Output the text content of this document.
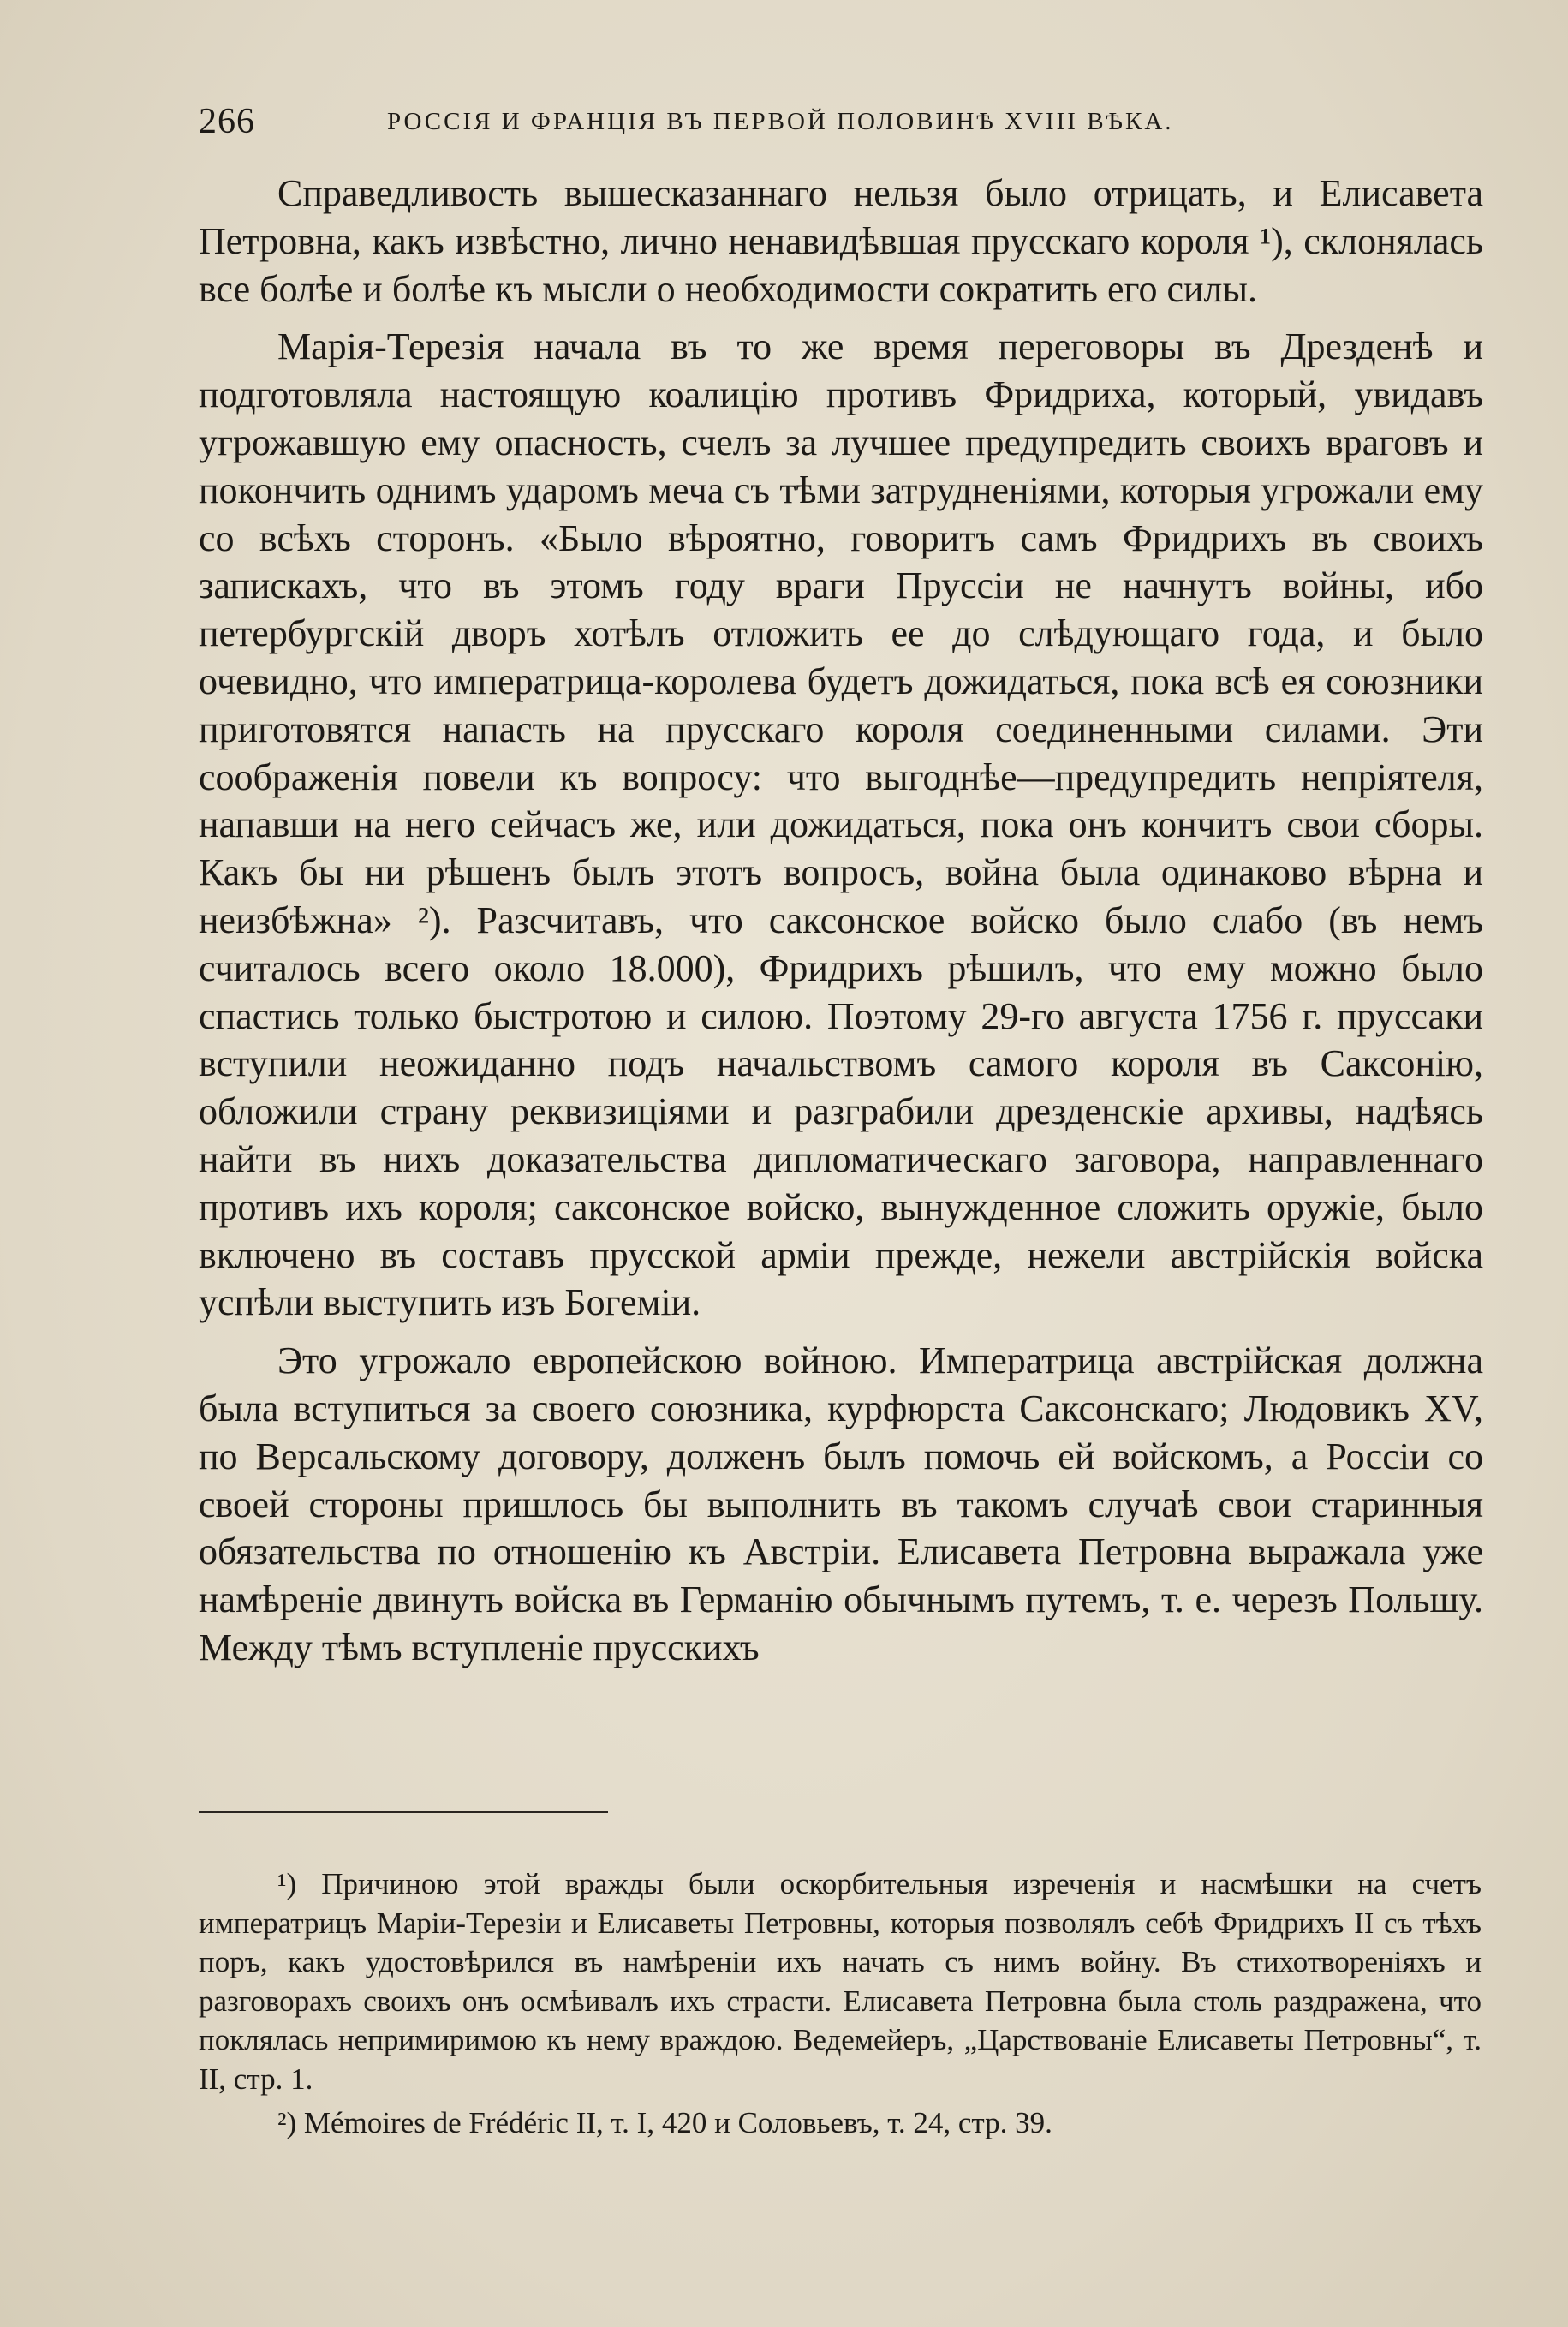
266	РОССІЯ И ФРАНЦІЯ ВЪ ПЕРВОЙ ПОЛОВИНѢ XVIII ВѢКА.

Справедливость вышесказаннаго нельзя было отрицать, и Елисавета Петровна, какъ извѣстно, лично ненавидѣвшая прусскаго короля ¹), склонялась все болѣе и болѣе къ мысли о необходимости сократить его силы.

Марія-Терезія начала въ то же время переговоры въ Дрезденѣ и подготовляла настоящую коалицію противъ Фридриха, который, увидавъ угрожавшую ему опасность, счелъ за лучшее предупредить своихъ враговъ и покончить однимъ ударомъ меча съ тѣми затрудненіями, которыя угрожали ему со всѣхъ сторонъ. «Было вѣроятно, говоритъ самъ Фридрихъ въ своихъ запискахъ, что въ этомъ году враги Пруссіи не начнутъ войны, ибо петербургскій дворъ хотѣлъ отложить ее до слѣдующаго года, и было очевидно, что императрица-королева будетъ дожидаться, пока всѣ ея союзники приготовятся напасть на прусскаго короля соединенными силами. Эти соображенія повели къ вопросу: что выгоднѣе—предупредить непріятеля, напавши на него сейчасъ же, или дожидаться, пока онъ кончитъ свои сборы. Какъ бы ни рѣшенъ былъ этотъ вопросъ, война была одинаково вѣрна и неизбѣжна» ²). Разсчитавъ, что саксонское войско было слабо (въ немъ считалось всего около 18.000), Фридрихъ рѣшилъ, что ему можно было спастись только быстротою и силою. Поэтому 29-го августа 1756 г. пруссаки вступили неожиданно подъ начальствомъ самого короля въ Саксонію, обложили страну реквизиціями и разграбили дрезденскіе архивы, надѣясь найти въ нихъ доказательства дипломатическаго заговора, направленнаго противъ ихъ короля; саксонское войско, вынужденное сложить оружіе, было включено въ составъ прусской арміи прежде, нежели австрійскія войска успѣли выступить изъ Богеміи.

Это угрожало европейскою войною. Императрица австрійская должна была вступиться за своего союзника, курфюрста Саксонскаго; Людовикъ XV, по Версальскому договору, долженъ былъ помочь ей войскомъ, а Россіи со своей стороны пришлось бы выполнить въ такомъ случаѣ свои старинныя обязательства по отношенію къ Австріи. Елисавета Петровна выражала уже намѣреніе двинуть войска въ Германію обычнымъ путемъ, т. е. черезъ Польшу. Между тѣмъ вступленіе прусскихъ

¹) Причиною этой вражды были оскорбительныя изреченія и насмѣшки на счетъ императрицъ Маріи-Терезіи и Елисаветы Петровны, которыя позволялъ себѣ Фридрихъ II съ тѣхъ поръ, какъ удостовѣрился въ намѣреніи ихъ начать съ нимъ войну. Въ стихотвореніяхъ и разговорахъ своихъ онъ осмѣивалъ ихъ страсти. Елисавета Петровна была столь раздражена, что поклялась непримиримою къ нему враждою. Ведемейеръ, „Царствованіе Елисаветы Петровны“, т. II, стр. 1.

²) Mémoires de Frédéric II, т. I, 420 и Соловьевъ, т. 24, стр. 39.
